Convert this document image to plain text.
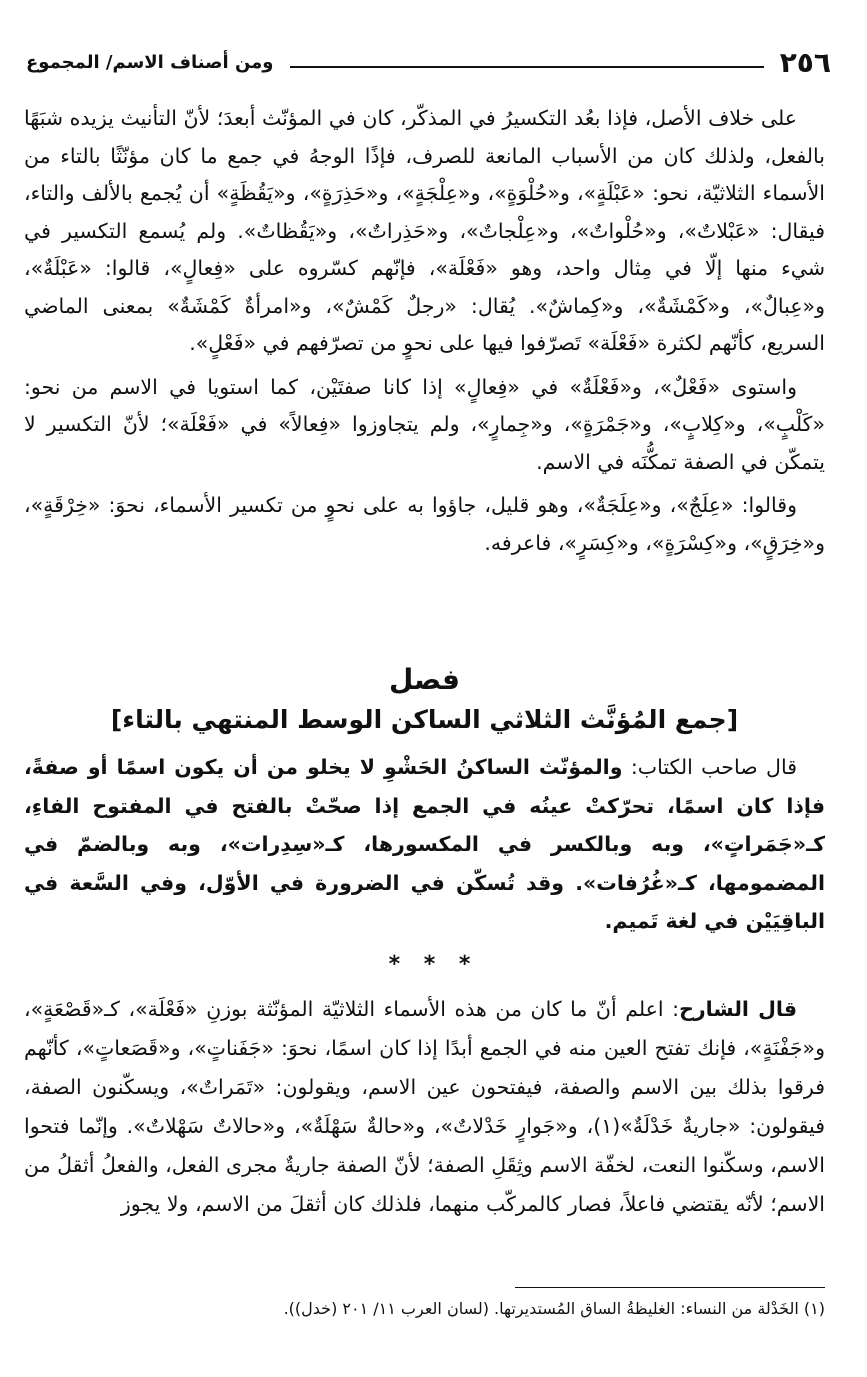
٢٥٦
ومن أصناف الاسم/ المجموع

على خلاف الأصل، فإذا بعُد التكسيرُ في المذكّر، كان في المؤنّث أبعدَ؛ لأنّ التأنيث يزيده شبَهًا بالفعل، ولذلك كان من الأسباب المانعة للصرف، فإذًا الوجهُ في جمع ما كان مؤنّثًا بالتاء من الأسماء الثلاثيّة، نحو: «عَبْلَةٍ»، و«حُلْوَةٍ»، و«عِلْجَةٍ»، و«حَذِرَةٍ»، و«يَقُظَةٍ» أن يُجمع بالألف والتاء، فيقال: «عَبْلاتٌ»، و«حُلْواتٌ»، و«عِلْجاتٌ»، و«حَذِراتٌ»، و«يَقُظاتٌ». ولم يُسمع التكسير في شيء منها إلّا في مِثال واحد، وهو «فَعْلَة»، فإنّهم كسّروه على «فِعالٍ»، قالوا: «عَبْلَةٌ»، و«عِبالٌ»، و«كَمْشَةٌ»، و«كِماشٌ». يُقال: «رجلٌ كَمْشٌ»، و«امرأةٌ كَمْشَةٌ» بمعنى الماضي السريع، كأنّهم لكثرة «فَعْلَة» تَصرّفوا فيها على نحوٍ من تصرّفهم في «فَعْلٍ».

واستوى «فَعْلٌ»، و«فَعْلَةٌ» في «فِعالٍ» إذا كانا صفتَيْن، كما استويا في الاسم من نحو: «كَلْبٍ»، و«كِلابٍ»، و«جَمْرَةٍ»، و«جِمارٍ»، ولم يتجاوزوا «فِعالاً» في «فَعْلَة»؛ لأنّ التكسير لا يتمكّن في الصفة تمكُّنَه في الاسم.

وقالوا: «عِلَجٌ»، و«عِلَجَةٌ»، وهو قليل، جاؤوا به على نحوٍ من تكسير الأسماء، نحوَ: «خِرْقَةٍ»، و«خِرَقٍ»، و«كِسْرَةٍ»، و«كِسَرٍ»، فاعرفه.

فصل

[جمع المُؤنَّث الثلاثي الساكن الوسط المنتهي بالتاء]

قال صاحب الكتاب: والمؤنّث الساكنُ الحَشْوِ لا يخلو من أن يكون اسمًا أو صفةً، فإذا كان اسمًا، تحرّكتْ عينُه في الجمع إذا صحّتْ بالفتح في المفتوح الفاءِ، كـ«جَمَراتٍ»، وبه وبالكسر في المكسورها، كـ«سِدِرات»، وبه وبالضمّ في المضمومها، كـ«غُرُفات». وقد تُسكّن في الضرورة في الأوّل، وفي السَّعة في الباقِيَيْن في لغة تَميم.

* * *

قال الشارح: اعلم أنّ ما كان من هذه الأسماء الثلاثيّة المؤنّثة بوزنِ «فَعْلَة»، كـ«قَصْعَةٍ»، و«جَفْنَةٍ»، فإنك تفتح العين منه في الجمع أبدًا إذا كان اسمًا، نحوَ: «جَفَناتٍ»، و«قَصَعاتٍ»، كأنّهم فرقوا بذلك بين الاسم والصفة، فيفتحون عين الاسم، ويقولون: «تَمَراتٌ»، ويسكّنون الصفة، فيقولون: «جاريةٌ خَدْلَةٌ»(١)، و«جَوارٍ خَدْلاتٌ»، و«حالةٌ سَهْلَةٌ»، و«حالاتٌ سَهْلاتٌ». وإنّما فتحوا الاسم، وسكّنوا النعت، لخفّة الاسم وثِقَلِ الصفة؛ لأنّ الصفة جاريةٌ مجرى الفعل، والفعلُ أثقلُ من الاسم؛ لأنّه يقتضي فاعلاً، فصار كالمركّب منهما، فلذلك كان أثقلَ من الاسم، ولا يجوز

(١) الخَدْلة من النساء: الغليظةُ الساق المُستديرتها. (لسان العرب ١١/ ٢٠١ (خدل)).
